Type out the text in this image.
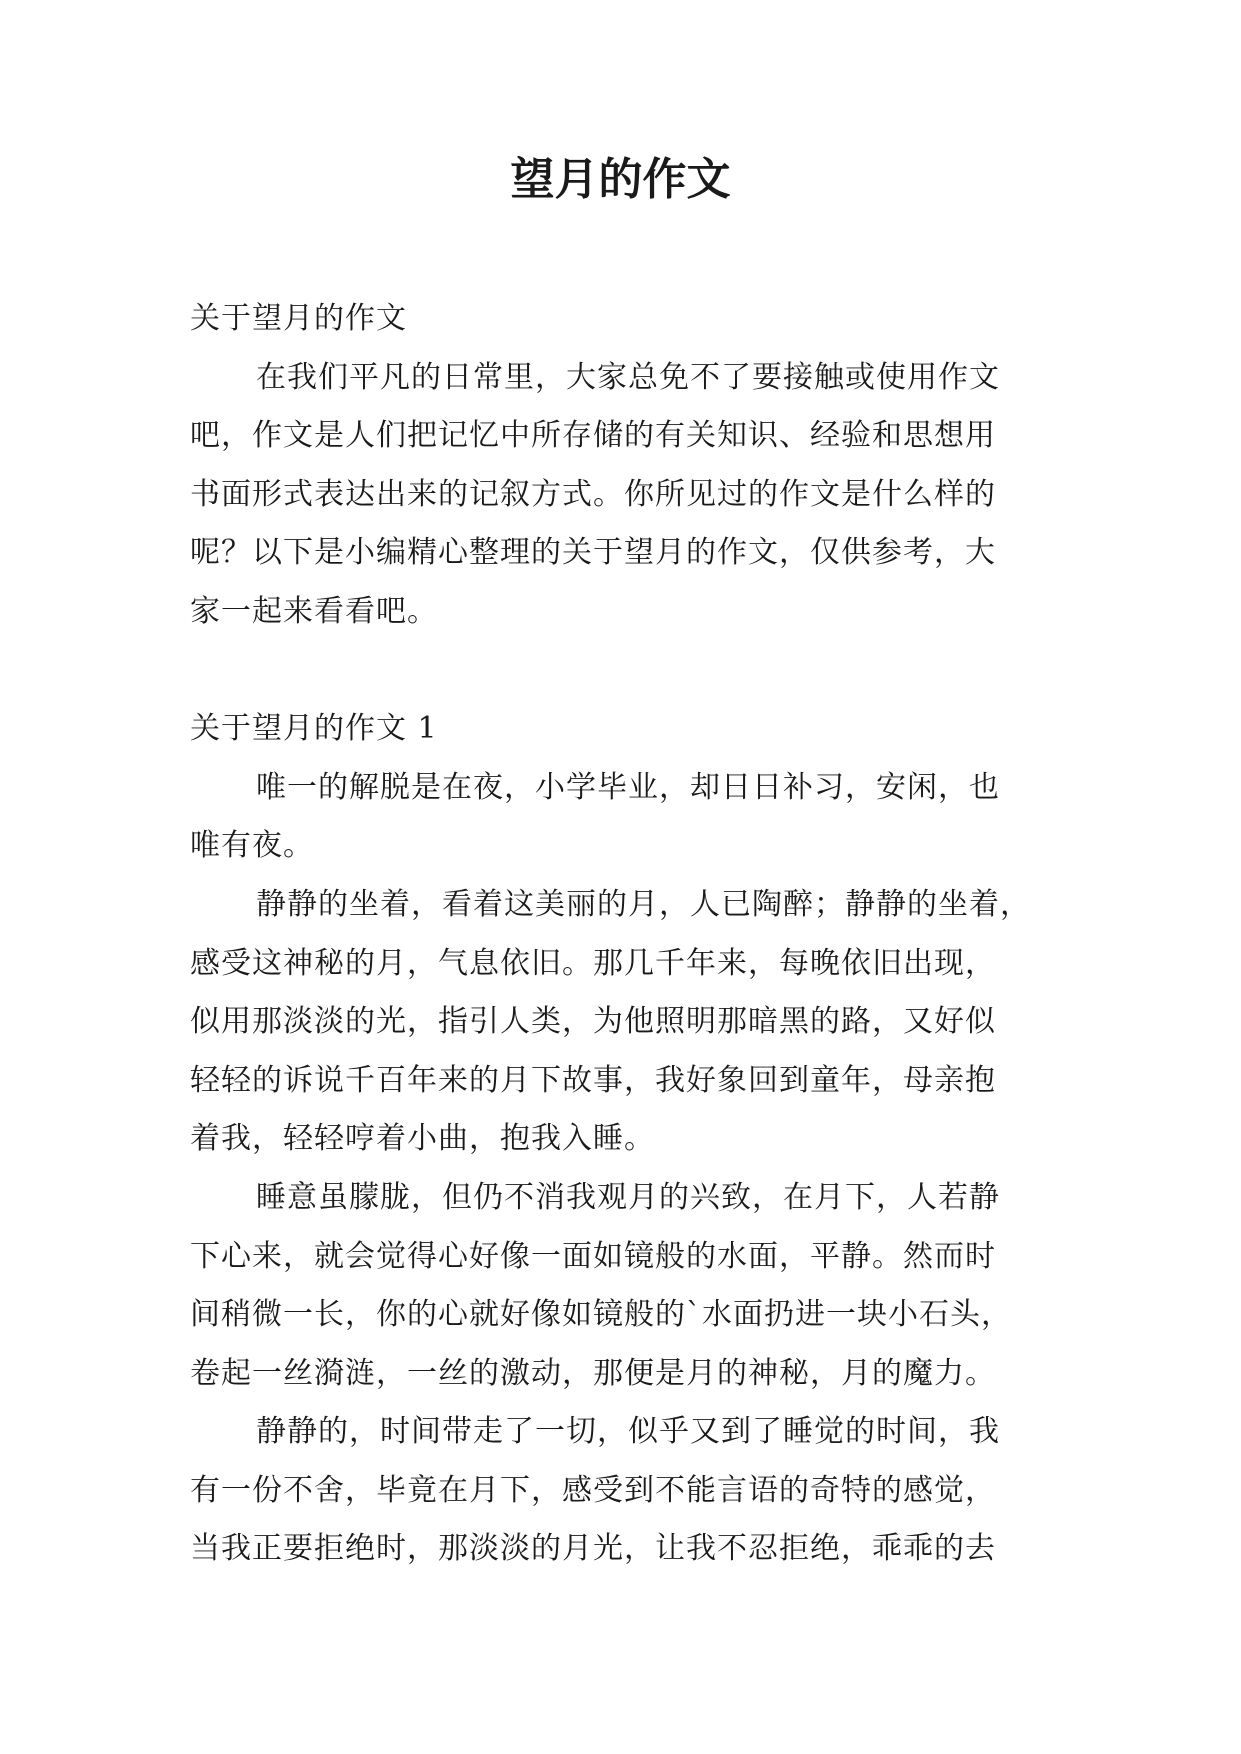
望月的作文
关于望月的作文
在我们平凡的日常里，大家总免不了要接触或使用作文
吧，作文是人们把记忆中所存储的有关知识、经验和思想用
书面形式表达出来的记叙方式。你所见过的作文是什么样的
呢？以下是小编精心整理的关于望月的作文，仅供参考，大
家一起来看看吧。
关于望月的作文 1
唯一的解脱是在夜，小学毕业，却日日补习，安闲，也
唯有夜。
静静的坐着，看着这美丽的月，人已陶醉；静静的坐着，
感受这神秘的月，气息依旧。那几千年来，每晚依旧出现，
似用那淡淡的光，指引人类，为他照明那暗黑的路，又好似
轻轻的诉说千百年来的月下故事，我好象回到童年，母亲抱
着我，轻轻哼着小曲，抱我入睡。
睡意虽朦胧，但仍不消我观月的兴致，在月下，人若静
下心来，就会觉得心好像一面如镜般的水面，平静。然而时
间稍微一长，你的心就好像如镜般的`水面扔进一块小石头，
卷起一丝漪涟，一丝的激动，那便是月的神秘，月的魔力。
静静的，时间带走了一切，似乎又到了睡觉的时间，我
有一份不舍，毕竟在月下，感受到不能言语的奇特的感觉，
当我正要拒绝时，那淡淡的月光，让我不忍拒绝，乖乖的去
